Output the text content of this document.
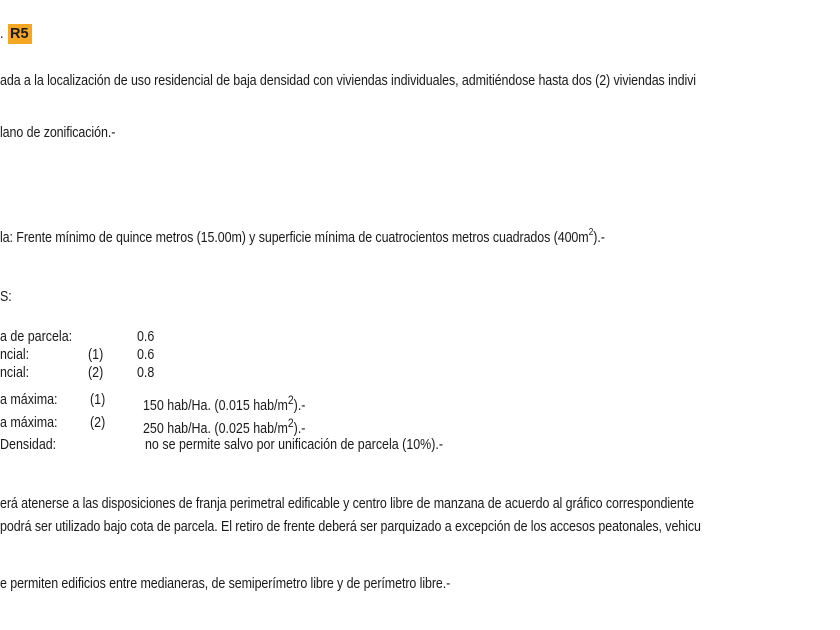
. R5
ada a la localización de uso residencial de baja densidad con viviendas individuales, admitiéndose hasta dos (2) viviendas indivi
lano de zonificación.-
la: Frente mínimo de quince metros (15.00m) y superficie mínima de cuatrocientos metros cuadrados $(400m^2).-$
S:
a de parcela:	0.6
ncial:	(1) 0.6
ncial:	(2) 0.8
a máxima: (1)	150 hab/Ha. (0.015 hab/$m^2).-$
a máxima: (2)	250 hab/Ha. (0.025 hab/$m^2).-$
Densidad:	no se permite salvo por unificación de parcela (10%).-
erá atenerse a las disposiciones de franja perimetral edificable y centro libre de manzana de acuerdo al gráfico correspondiente
podrá ser utilizado bajo cota de parcela. El retiro de frente deberá ser parquizado a excepción de los accesos peatonales, vehicu
e permiten edificios entre medianeras, de semiperímetro libre y de perímetro libre.-
